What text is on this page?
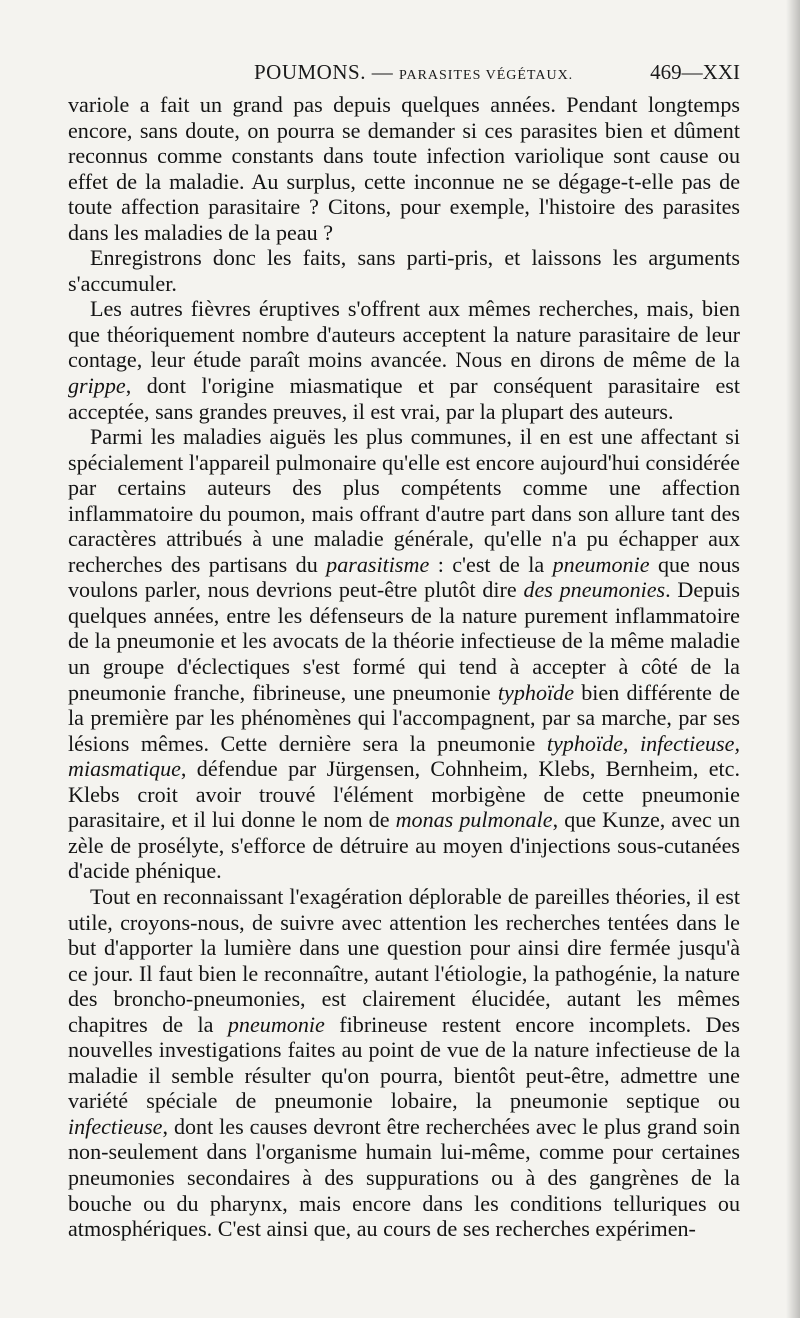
POUMONS. — PARASITES VÉGÉTAUX.	469—XXI

variole a fait un grand pas depuis quelques années. Pendant longtemps encore, sans doute, on pourra se demander si ces parasites bien et dûment reconnus comme constants dans toute infection variolique sont cause ou effet de la maladie. Au surplus, cette inconnue ne se dégage-t-elle pas de toute affection parasitaire ? Citons, pour exemple, l'histoire des parasites dans les maladies de la peau ?

Enregistrons donc les faits, sans parti-pris, et laissons les arguments s'accumuler.

Les autres fièvres éruptives s'offrent aux mêmes recherches, mais, bien que théoriquement nombre d'auteurs acceptent la nature parasitaire de leur contage, leur étude paraît moins avancée. Nous en dirons de même de la grippe, dont l'origine miasmatique et par conséquent parasitaire est acceptée, sans grandes preuves, il est vrai, par la plupart des auteurs.

Parmi les maladies aiguës les plus communes, il en est une affectant si spécialement l'appareil pulmonaire qu'elle est encore aujourd'hui considérée par certains auteurs des plus compétents comme une affection inflammatoire du poumon, mais offrant d'autre part dans son allure tant des caractères attribués à une maladie générale, qu'elle n'a pu échapper aux recherches des partisans du parasitisme : c'est de la pneumonie que nous voulons parler, nous devrions peut-être plutôt dire des pneumonies. Depuis quelques années, entre les défenseurs de la nature purement inflammatoire de la pneumonie et les avocats de la théorie infectieuse de la même maladie un groupe d'éclectiques s'est formé qui tend à accepter à côté de la pneumonie franche, fibrineuse, une pneumonie typhoïde bien différente de la première par les phénomènes qui l'accompagnent, par sa marche, par ses lésions mêmes. Cette dernière sera la pneumonie typhoïde, infectieuse, miasmatique, défendue par Jürgensen, Cohnheim, Klebs, Bernheim, etc. Klebs croit avoir trouvé l'élément morbigène de cette pneumonie parasitaire, et il lui donne le nom de monas pulmonale, que Kunze, avec un zèle de prosélyte, s'efforce de détruire au moyen d'injections sous-cutanées d'acide phénique.

Tout en reconnaissant l'exagération déplorable de pareilles théories, il est utile, croyons-nous, de suivre avec attention les recherches tentées dans le but d'apporter la lumière dans une question pour ainsi dire fermée jusqu'à ce jour. Il faut bien le reconnaître, autant l'étiologie, la pathogénie, la nature des broncho-pneumonies, est clairement élucidée, autant les mêmes chapitres de la pneumonie fibrineuse restent encore incomplets. Des nouvelles investigations faites au point de vue de la nature infectieuse de la maladie il semble résulter qu'on pourra, bientôt peut-être, admettre une variété spéciale de pneumonie lobaire, la pneumonie septique ou infectieuse, dont les causes devront être recherchées avec le plus grand soin non-seulement dans l'organisme humain lui-même, comme pour certaines pneumonies secondaires à des suppurations ou à des gangrènes de la bouche ou du pharynx, mais encore dans les conditions telluriques ou atmosphériques. C'est ainsi que, au cours de ses recherches expérimen-
